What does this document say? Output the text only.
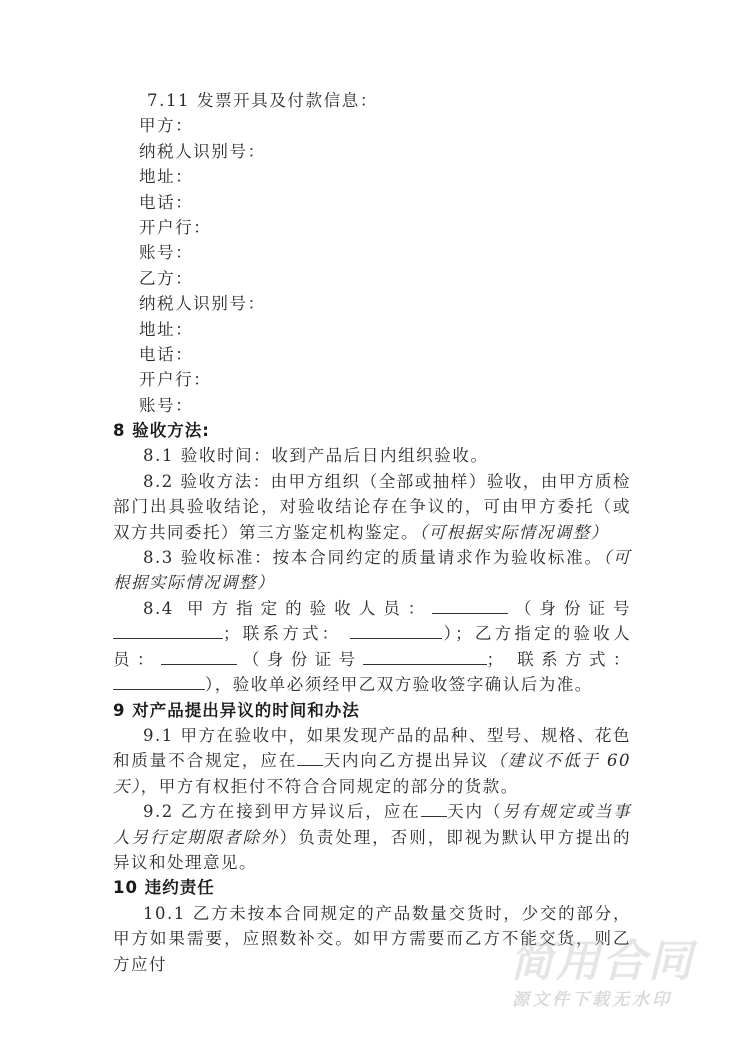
7.11 发票开具及付款信息：
甲方：
纳税人识别号：
地址：
电话：
开户行：
账号：
乙方：
纳税人识别号：
地址：
电话：
开户行：
账号：
8 验收方法:
8.1 验收时间：收到产品后日内组织验收。
8.2 验收方法：由甲方组织（全部或抽样）验收，由甲方质检部门出具验收结论，对验收结论存在争议的，可由甲方委托（或双方共同委托）第三方鉴定机构鉴定。（可根据实际情况调整）
8.3 验收标准：按本合同约定的质量请求作为验收标准。（可根据实际情况调整）
8.4 甲方指定的验收人员：	（身份证号；联系方式：	）；乙方指定的验收人员：	（身份证号	； 联系方式： ），验收单必须经甲乙双方验收签字确认后为准。
9 对产品提出异议的时间和办法
9.1 甲方在验收中，如果发现产品的品种、型号、规格、花色和质量不合规定，应在 天内向乙方提出异议（建议不低于 60 天），甲方有权拒付不符合合同规定的部分的货款。
9.2 乙方在接到甲方异议后，应在 天内（另有规定或当事人另行定期限者除外）负责处理，否则，即视为默认甲方提出的异议和处理意见。
10 违约责任
10.1 乙方未按本合同规定的产品数量交货时，少交的部分，甲方如果需要，应照数补交。如甲方需要而乙方不能交货，则乙方应付	简用合同
源文件下载无水印
